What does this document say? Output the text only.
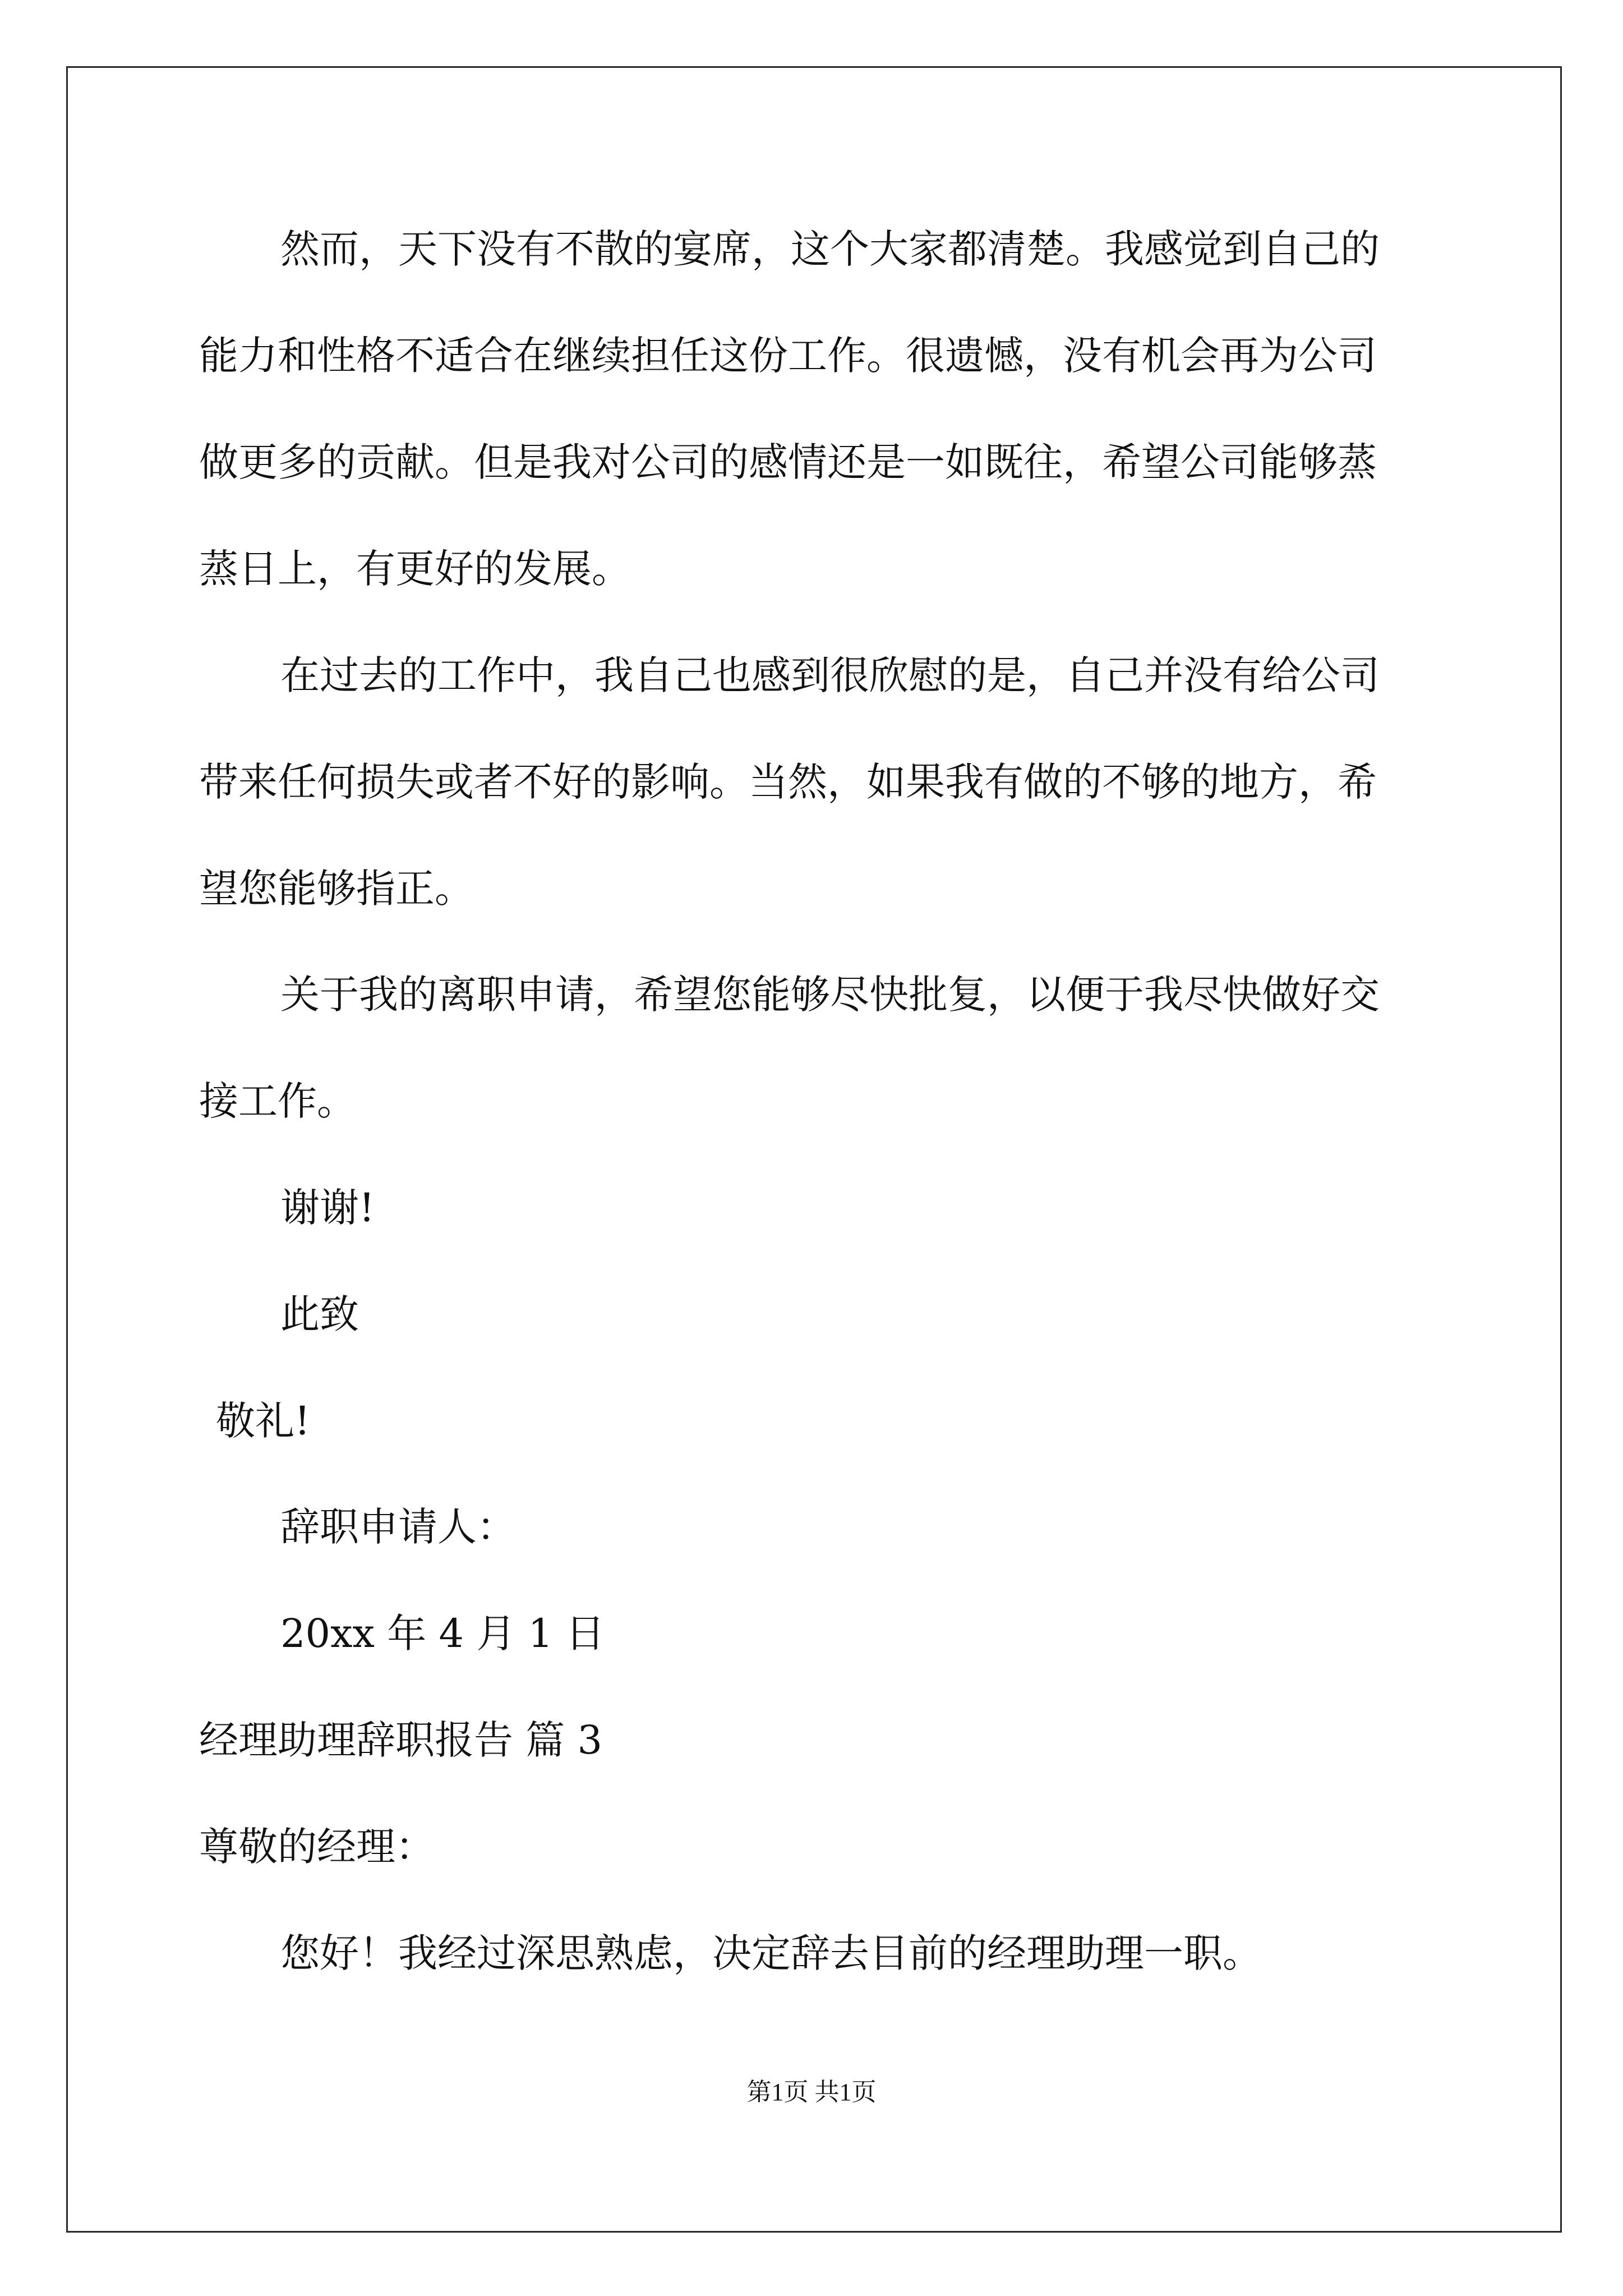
然而，天下没有不散的宴席，这个大家都清楚。我感觉到自己的

能力和性格不适合在继续担任这份工作。很遗憾，没有机会再为公司

做更多的贡献。但是我对公司的感情还是一如既往，希望公司能够蒸

蒸日上，有更好的发展。

在过去的工作中，我自己也感到很欣慰的是，自己并没有给公司

带来任何损失或者不好的影响。当然，如果我有做的不够的地方，希

望您能够指正。

关于我的离职申请，希望您能够尽快批复，以便于我尽快做好交

接工作。

谢谢!

此致

敬礼!

辞职申请人：

20xx 年 4 月 1 日

经理助理辞职报告 篇 3

尊敬的经理：

您好！我经过深思熟虑，决定辞去目前的经理助理一职。

第1页 共1页
